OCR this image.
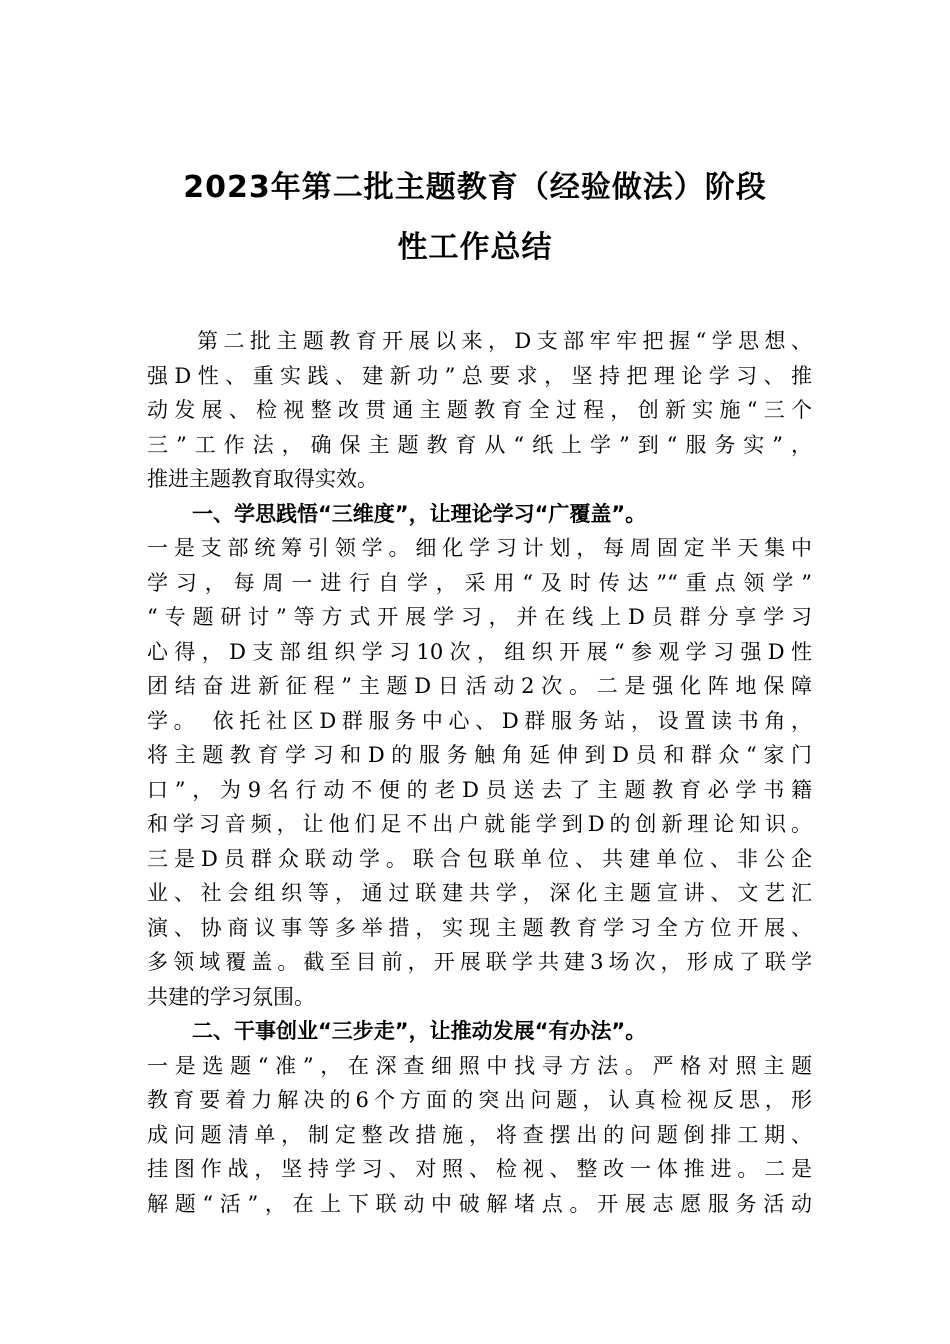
2023年第二批主题教育（经验做法）阶段
性工作总结
第二批主题教育开展以来，D支部牢牢把握“学思想、
强D性、重实践、建新功”总要求，坚持把理论学习、推
动发展、检视整改贯通主题教育全过程，创新实施“三个
三”工作法，确保主题教育从“纸上学”到“服务实”，
推进主题教育取得实效。
一、学思践悟“三维度”，让理论学习“广覆盖”。
一是支部统筹引领学。细化学习计划，每周固定半天集中
学习，每周一进行自学，采用“及时传达”“重点领学”
“专题研讨”等方式开展学习，并在线上D员群分享学习
心得，D支部组织学习10次，组织开展“参观学习强D性
团结奋进新征程”主题D日活动2次。二是强化阵地保障
学。 依托社区D群服务中心、D群服务站，设置读书角，
将主题教育学习和D的服务触角延伸到D员和群众“家门
口”，为9名行动不便的老D员送去了主题教育必学书籍
和学习音频，让他们足不出户就能学到D的创新理论知识。
三是D员群众联动学。联合包联单位、共建单位、非公企
业、社会组织等，通过联建共学，深化主题宣讲、文艺汇
演、协商议事等多举措，实现主题教育学习全方位开展、
多领域覆盖。截至目前，开展联学共建3场次，形成了联学
共建的学习氛围。
二、干事创业“三步走”，让推动发展“有办法”。
一是选题“准”，在深查细照中找寻方法。严格对照主题
教育要着力解决的6个方面的突出问题，认真检视反思，形
成问题清单，制定整改措施，将查摆出的问题倒排工期、
挂图作战，坚持学习、对照、检视、整改一体推进。二是
解题“活”，在上下联动中破解堵点。开展志愿服务活动
